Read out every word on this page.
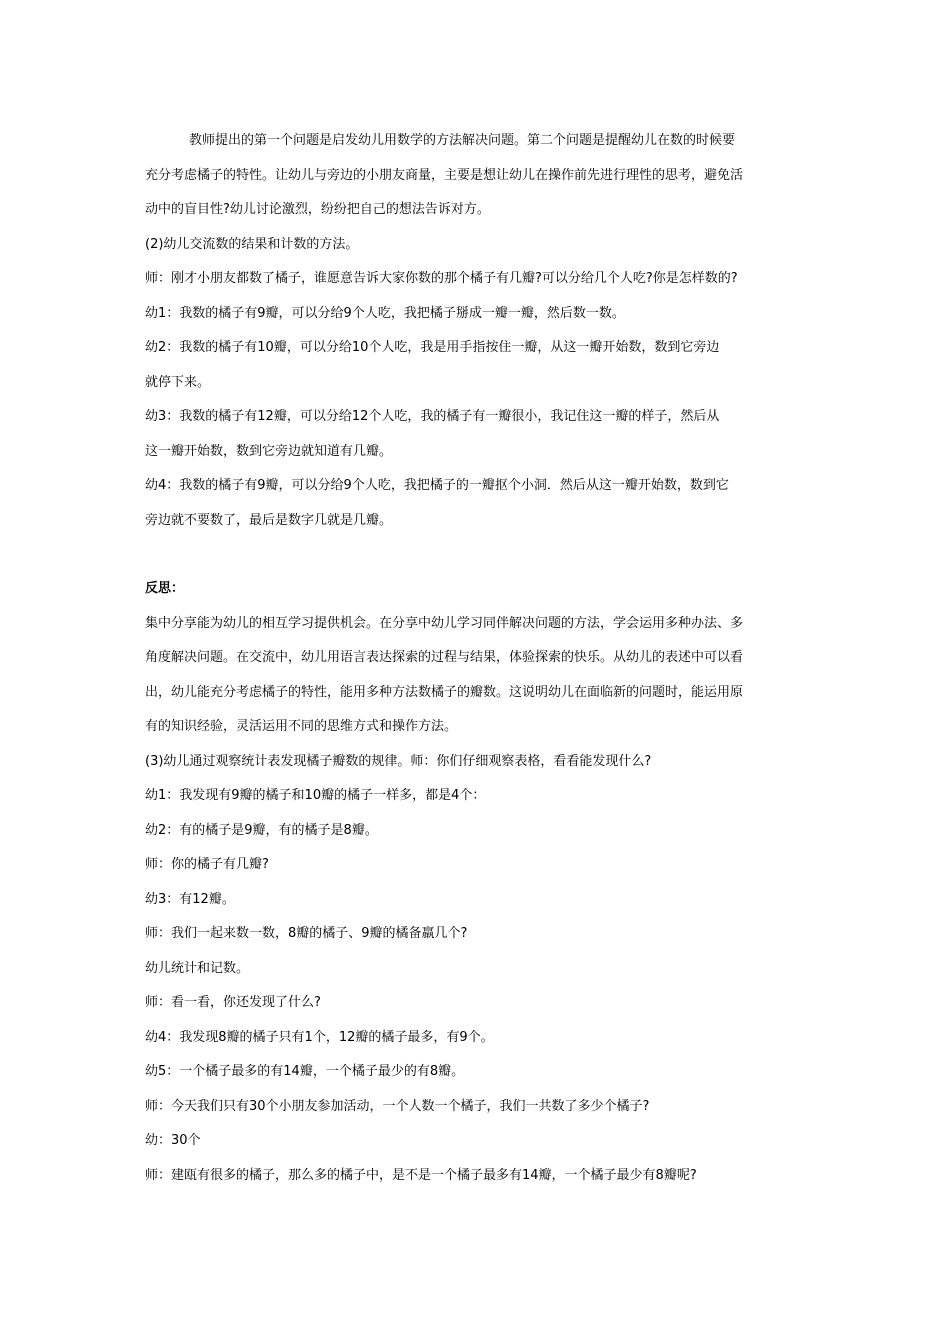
教师提出的第一个问题是启发幼儿用数学的方法解决问题。第二个问题是提醒幼儿在数的时候要
充分考虑橘子的特性。让幼儿与旁边的小朋友商量，主要是想让幼儿在操作前先进行理性的思考，避免活
动中的盲目性?幼儿讨论激烈，纷纷把自己的想法告诉对方。
(2)幼儿交流数的结果和计数的方法。
师：刚才小朋友都数了橘子，谁愿意告诉大家你数的那个橘子有几瓣?可以分给几个人吃?你是怎样数的?
幼1：我数的橘子有9瓣，可以分给9个人吃，我把橘子掰成一瓣一瓣，然后数一数。
幼2：我数的橘子有10瓣，可以分给10个人吃，我是用手指按住一瓣，从这一瓣开始数，数到它旁边
就停下来。
幼3：我数的橘子有12瓣，可以分给12个人吃，我的橘子有一瓣很小，我记住这一瓣的样子，然后从
这一瓣开始数，数到它旁边就知道有几瓣。
幼4：我数的橘子有9瓣，可以分给9个人吃，我把橘子的一瓣抠个小洞．然后从这一瓣开始数，数到它
旁边就不要数了，最后是数字几就是几瓣。
反思：
集中分享能为幼儿的相互学习提供机会。在分享中幼儿学习同伴解决问题的方法，学会运用多种办法、多
角度解决问题。在交流中，幼儿用语言表达探索的过程与结果，体验探索的快乐。从幼儿的表述中可以看
出，幼儿能充分考虑橘子的特性，能用多种方法数橘子的瓣数。这说明幼儿在面临新的问题时，能运用原
有的知识经验，灵活运用不同的思维方式和操作方法。
(3)幼儿通过观察统计表发现橘子瓣数的规律。师：你们仔细观察表格，看看能发现什么?
幼1：我发现有9瓣的橘子和10瓣的橘子一样多，都是4个：
幼2：有的橘子是9瓣，有的橘子是8瓣。
师：你的橘子有几瓣?
幼3：有12瓣。
师：我们一起来数一数，8瓣的橘子、9瓣的橘备羸几个?
幼儿统计和记数。
师：看一看，你还发现了什么?
幼4：我发现8瓣的橘子只有1个，12瓣的橘子最多，有9个。
幼5：一个橘子最多的有14瓣，一个橘子最少的有8瓣。
师：今天我们只有30个小朋友参加活动，一个人数一个橘子，我们一共数了多少个橘子?
幼：30个
师：建瓯有很多的橘子，那么多的橘子中，是不是一个橘子最多有14瓣，一个橘子最少有8瓣呢?
